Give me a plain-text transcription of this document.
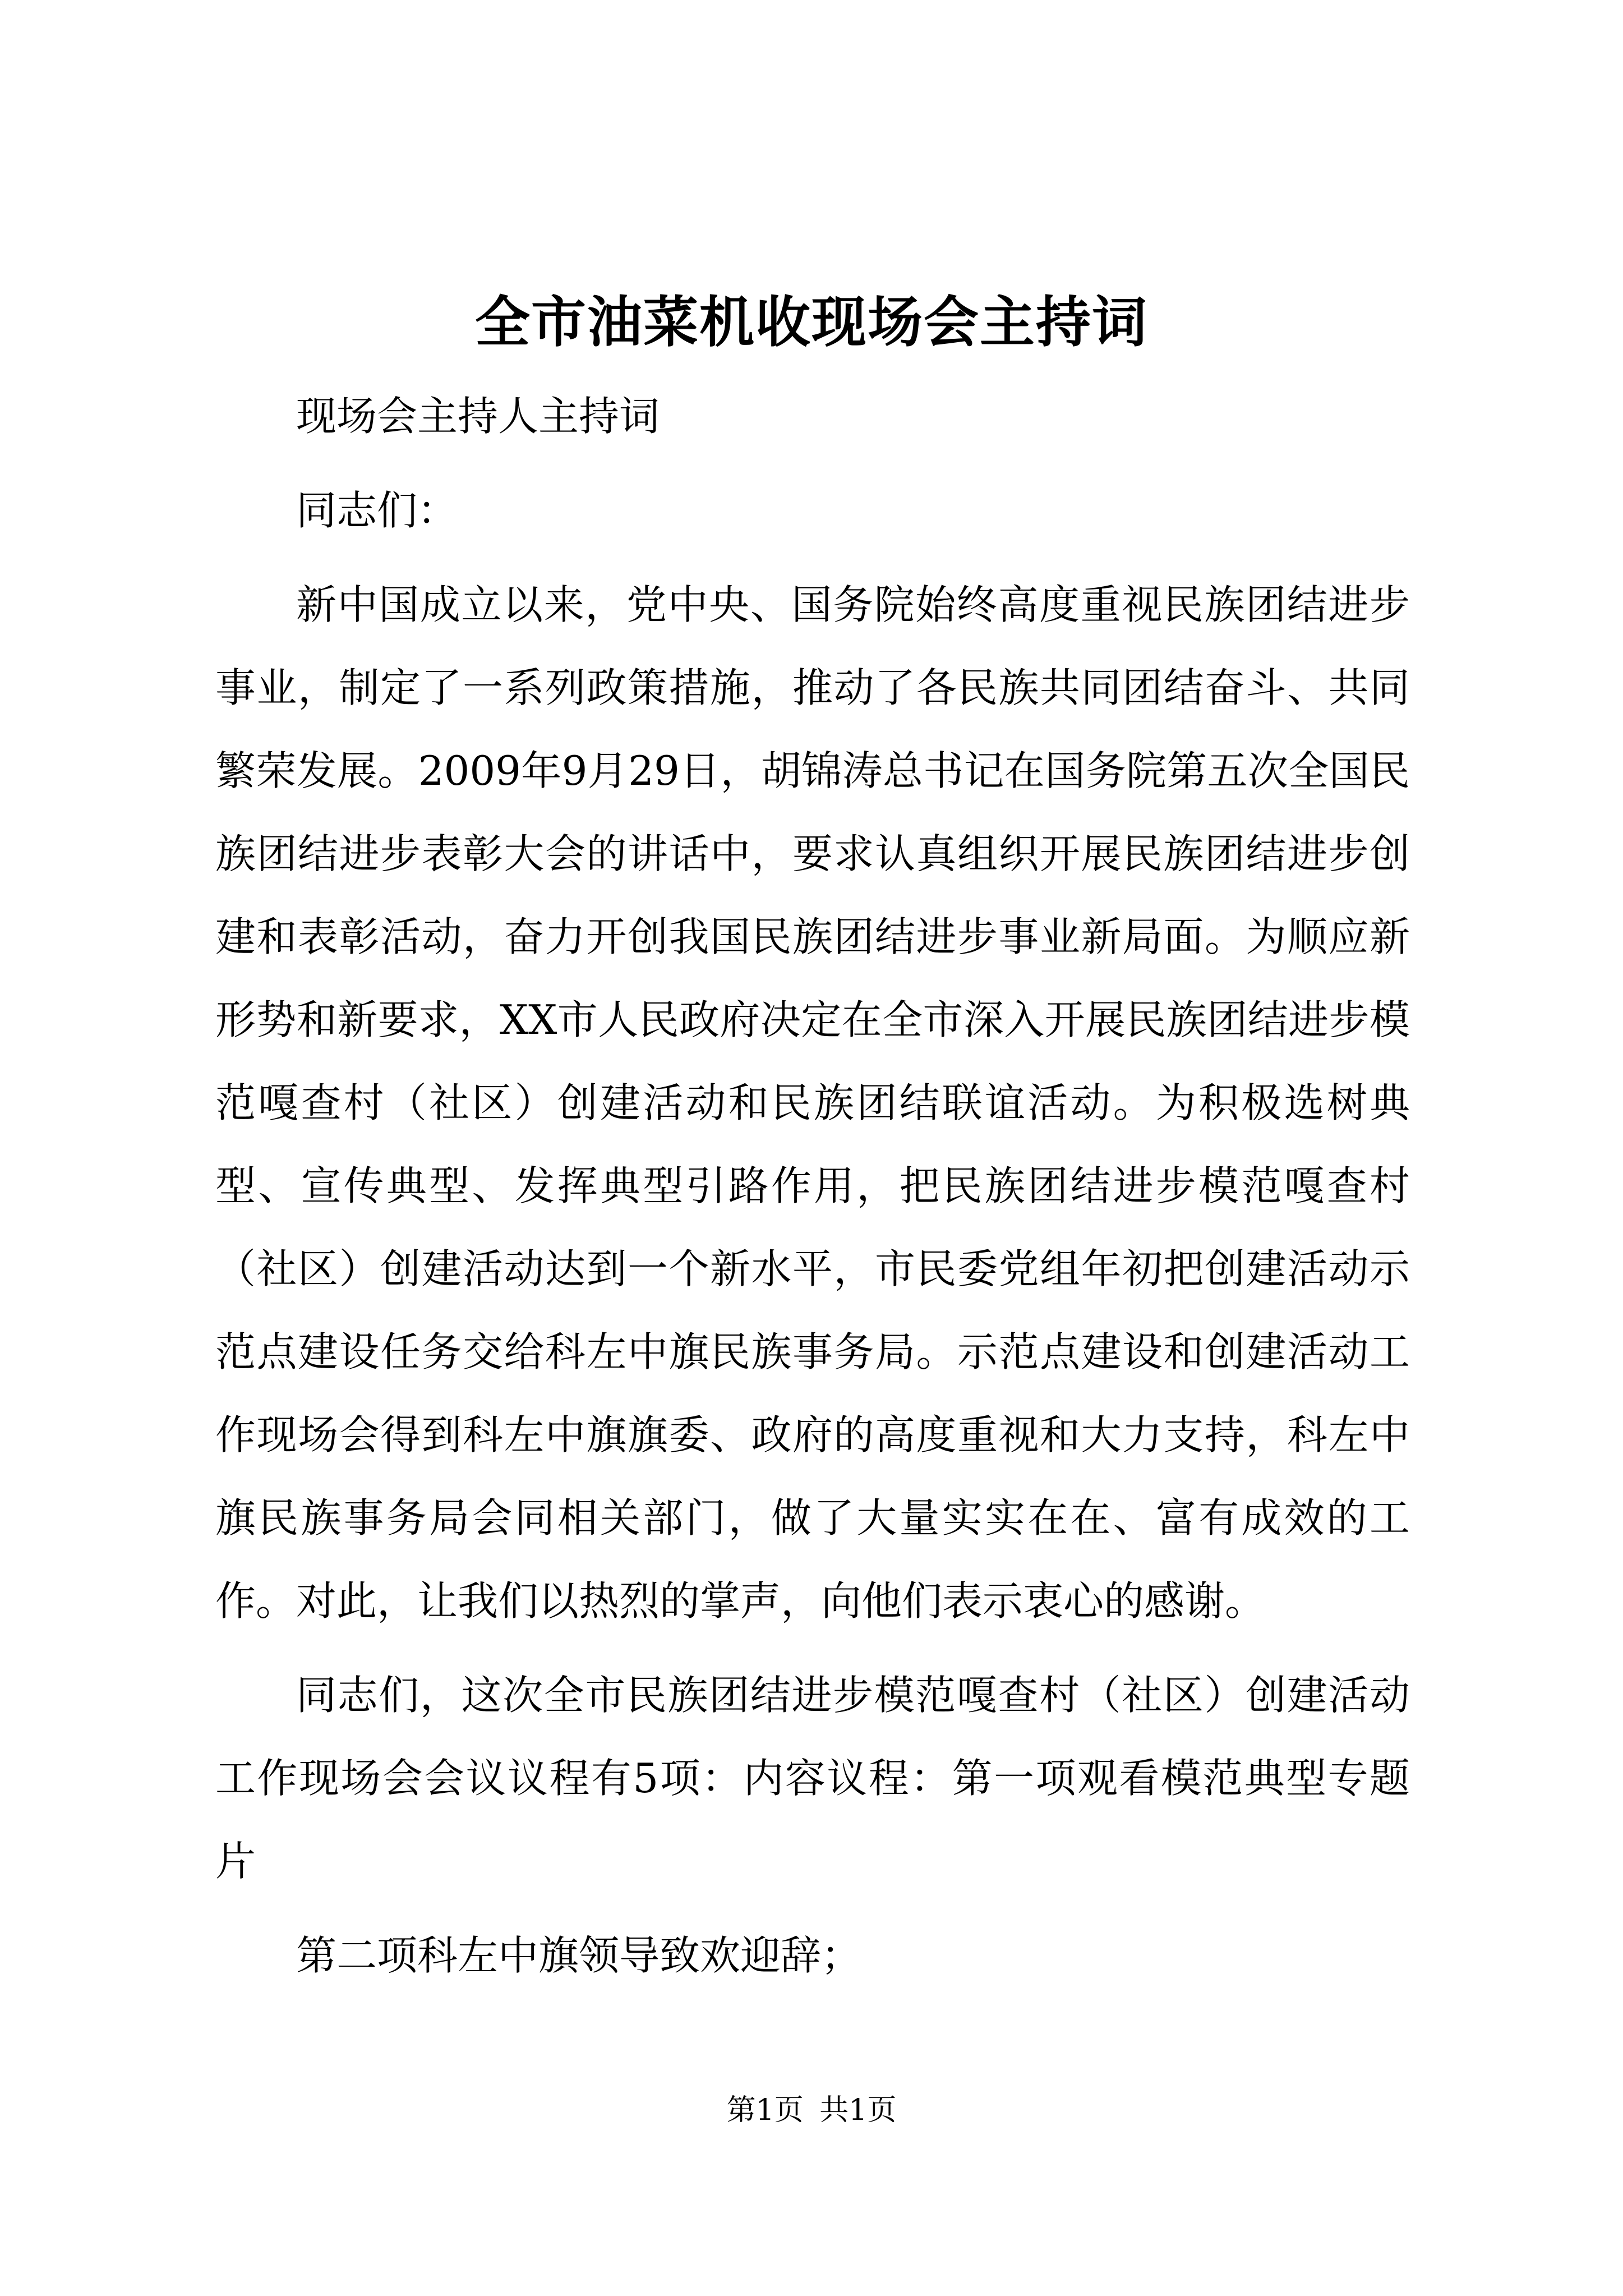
全市油菜机收现场会主持词

现场会主持人主持词

同志们：

新中国成立以来，党中央、国务院始终高度重视民族团结进步事业，制定了一系列政策措施，推动了各民族共同团结奋斗、共同繁荣发展。2009年9月29日，胡锦涛总书记在国务院第五次全国民族团结进步表彰大会的讲话中，要求认真组织开展民族团结进步创建和表彰活动，奋力开创我国民族团结进步事业新局面。为顺应新形势和新要求，XX市人民政府决定在全市深入开展民族团结进步模范嘎查村（社区）创建活动和民族团结联谊活动。为积极选树典型、宣传典型、发挥典型引路作用，把民族团结进步模范嘎查村（社区）创建活动达到一个新水平，市民委党组年初把创建活动示范点建设任务交给科左中旗民族事务局。示范点建设和创建活动工作现场会得到科左中旗旗委、政府的高度重视和大力支持，科左中旗民族事务局会同相关部门，做了大量实实在在、富有成效的工作。对此，让我们以热烈的掌声，向他们表示衷心的感谢。

同志们，这次全市民族团结进步模范嘎查村（社区）创建活动工作现场会会议议程有5项：内容议程：第一项观看模范典型专题片

第二项科左中旗领导致欢迎辞；

第1页 共1页
